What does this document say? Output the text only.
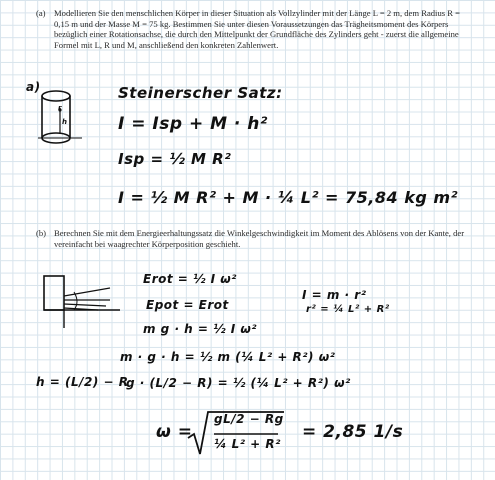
(a) Modellieren Sie den menschlichen Körper in dieser Situation als Vollzylinder mit der Länge L = 2 m, dem Radius R = 0,15 m und der Masse M = 75 kg. Bestimmen Sie unter diesen Voraussetzungen das Trägheitsmoment des Körpers bezüglich einer Rotationsachse, die durch den Mittelpunkt der Grundfläche des Zylinders geht - zuerst die allgemeine Formel mit L, R und M, anschließend den konkreten Zahlenwert.
a)
r
h
Steinerscher Satz:
I = Isp + M · h²
Isp = ½ M R²
I = ½ M R² + M · ¼ L² = 75,84 kg m²
(b) Berechnen Sie mit dem Energieerhaltungssatz die Winkelgeschwindigkeit im Moment des Ablösens von der Kante, der vereinfacht bei waagrechter Körperposition geschieht.
Erot = ½ I ω²
Epot = Erot
m g · h = ½ I ω²
m · g · h = ½ m (¼ L² + R²) ω²
h = (L/2) − R
g · (L/2 − R) = ½ (¼ L² + R²) ω²
I = m · r²
r² = ¼ L² + R²
ω =
gL/2 − Rg
¼ L² + R²
= 2,85 1/s
